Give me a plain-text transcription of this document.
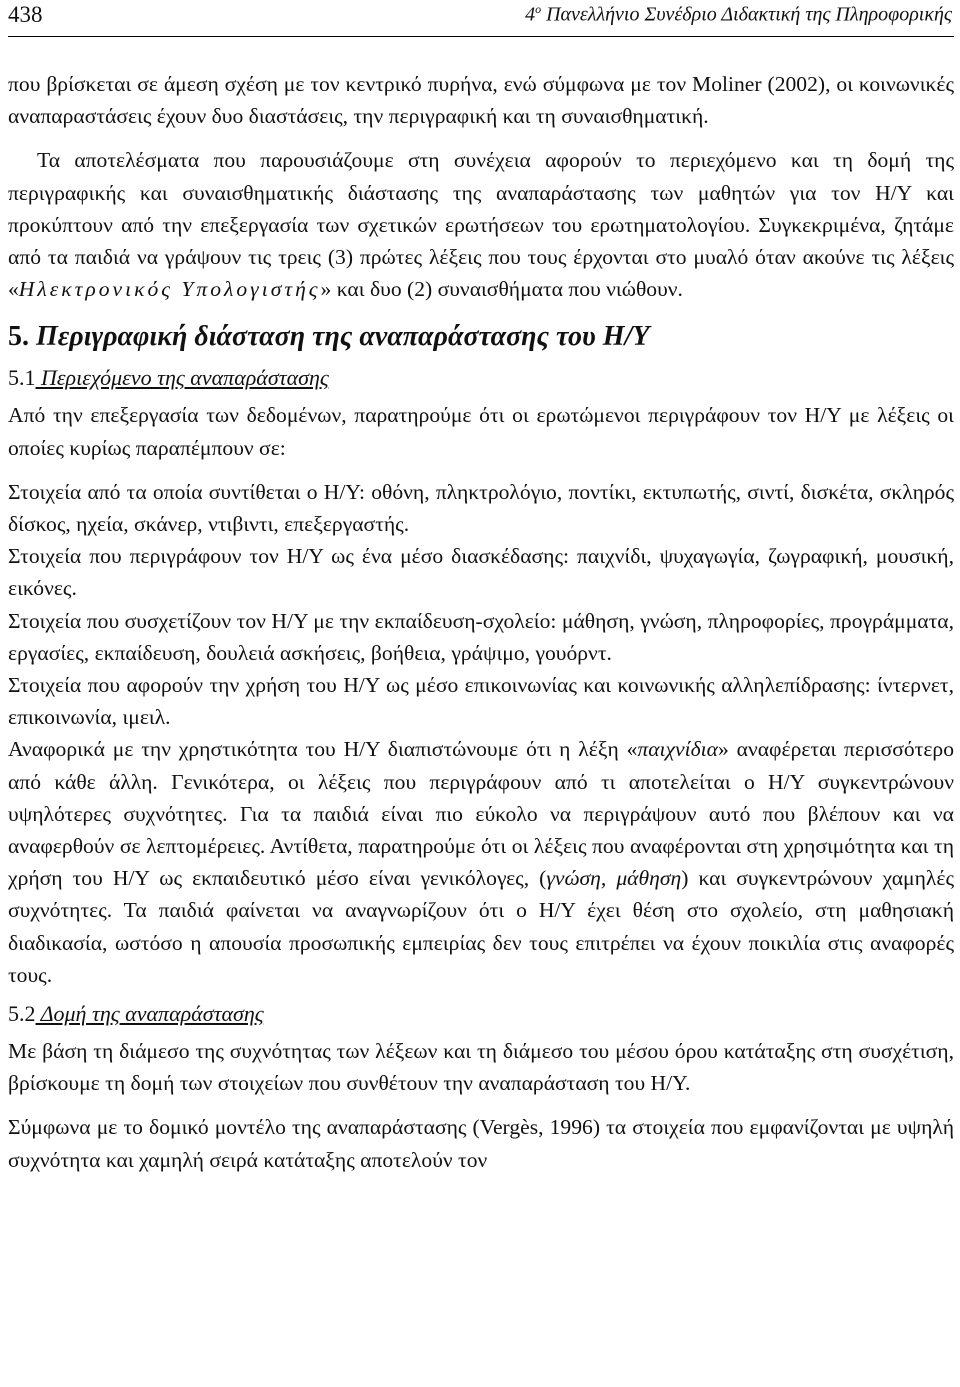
438	$4^o$ Πανελλήνιο Συνέδριο Διδακτική της Πληροφορικής

που βρίσκεται σε άμεση σχέση με τον κεντρικό πυρήνα, ενώ σύμφωνα με τον Moliner (2002), οι κοινωνικές αναπαραστάσεις έχουν δυο διαστάσεις, την περιγραφική και τη συναισθηματική.

Τα αποτελέσματα που παρουσιάζουμε στη συνέχεια αφορούν το περιεχόμενο και τη δομή της περιγραφικής και συναισθηματικής διάστασης της αναπαράστασης των μαθητών για τον Η/Υ και προκύπτουν από την επεξεργασία των σχετικών ερωτήσεων του ερωτηματολογίου. Συγκεκριμένα, ζητάμε από τα παιδιά να γράψουν τις τρεις (3) πρώτες λέξεις που τους έρχονται στο μυαλό όταν ακούνε τις λέξεις «Ηλεκτρονικός Υπολογιστής» και δυο (2) συναισθήματα που νιώθουν.

5. Περιγραφική διάσταση της αναπαράστασης του Η/Υ
5.1 Περιεχόμενο της αναπαράστασης

Από την επεξεργασία των δεδομένων, παρατηρούμε ότι οι ερωτώμενοι περιγράφουν τον Η/Υ με λέξεις οι οποίες κυρίως παραπέμπουν σε:

Στοιχεία από τα οποία συντίθεται ο Η/Υ: οθόνη, πληκτρολόγιο, ποντίκι, εκτυπωτής, σιντί, δισκέτα, σκληρός δίσκος, ηχεία, σκάνερ, ντιβιντι, επεξεργαστής.

Στοιχεία που περιγράφουν τον Η/Υ ως ένα μέσο διασκέδασης: παιχνίδι, ψυχαγωγία, ζωγραφική, μουσική, εικόνες.

Στοιχεία που συσχετίζουν τον Η/Υ με την εκπαίδευση-σχολείο: μάθηση, γνώση, πληροφορίες, προγράμματα, εργασίες, εκπαίδευση, δουλειά ασκήσεις, βοήθεια, γράψιμο, γουόρντ.

Στοιχεία που αφορούν την χρήση του Η/Υ ως μέσο επικοινωνίας και κοινωνικής αλληλεπίδρασης: ίντερνετ, επικοινωνία, ιμειλ.

Αναφορικά με την χρηστικότητα του Η/Υ διαπιστώνουμε ότι η λέξη «παιχνίδια» αναφέρεται περισσότερο από κάθε άλλη. Γενικότερα, οι λέξεις που περιγράφουν από τι αποτελείται ο Η/Υ συγκεντρώνουν υψηλότερες συχνότητες. Για τα παιδιά είναι πιο εύκολο να περιγράψουν αυτό που βλέπουν και να αναφερθούν σε λεπτομέρειες. Αντίθετα, παρατηρούμε ότι οι λέξεις που αναφέρονται στη χρησιμότητα και τη χρήση του Η/Υ ως εκπαιδευτικό μέσο είναι γενικόλογες, (γνώση, μάθηση) και συγκεντρώνουν χαμηλές συχνότητες. Τα παιδιά φαίνεται να αναγνωρίζουν ότι ο Η/Υ έχει θέση στο σχολείο, στη μαθησιακή διαδικασία, ωστόσο η απουσία προσωπικής εμπειρίας δεν τους επιτρέπει να έχουν ποικιλία στις αναφορές τους.

5.2 Δομή της αναπαράστασης

Με βάση τη διάμεσο της συχνότητας των λέξεων και τη διάμεσο του μέσου όρου κατάταξης στη συσχέτιση, βρίσκουμε τη δομή των στοιχείων που συνθέτουν την αναπαράσταση του Η/Υ.

Σύμφωνα με το δομικό μοντέλο της αναπαράστασης (Vergès, 1996) τα στοιχεία που εμφανίζονται με υψηλή συχνότητα και χαμηλή σειρά κατάταξης αποτελούν τον
